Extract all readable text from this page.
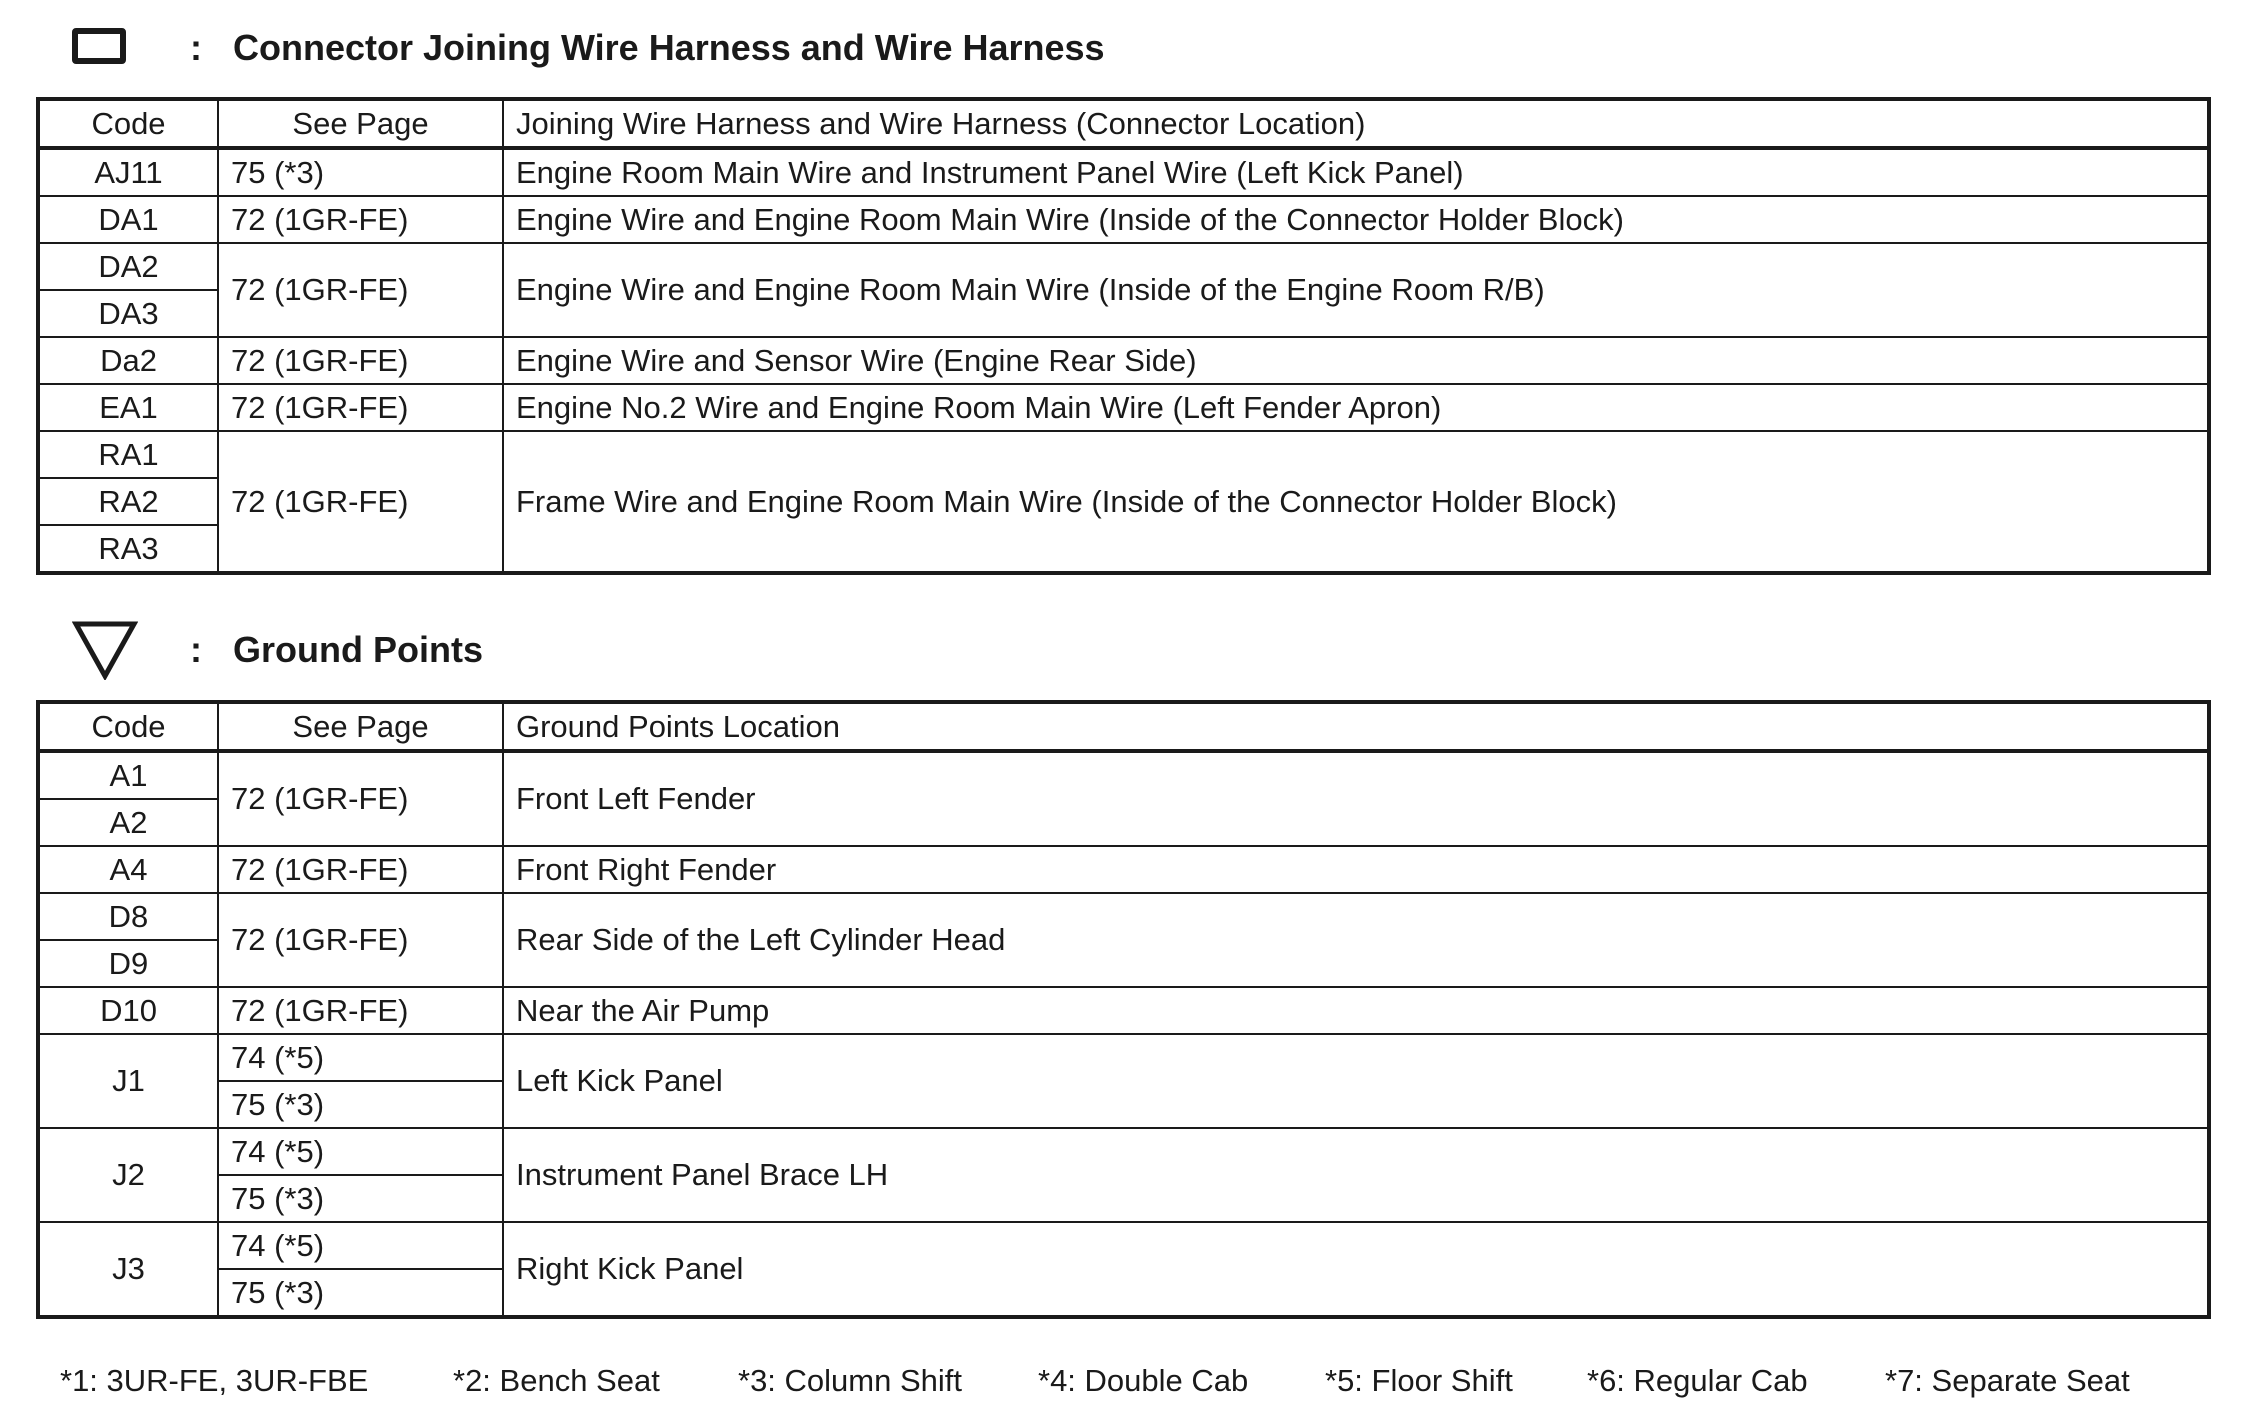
: Connector Joining Wire Harness and Wire Harness
Code	See Page	Joining Wire Harness and Wire Harness (Connector Location)
AJ11	75 (*3)	Engine Room Main Wire and Instrument Panel Wire (Left Kick Panel)
DA1	72 (1GR-FE)	Engine Wire and Engine Room Main Wire (Inside of the Connector Holder Block)
DA2	72 (1GR-FE)	Engine Wire and Engine Room Main Wire (Inside of the Engine Room R/B)
DA3		
Da2	72 (1GR-FE)	Engine Wire and Sensor Wire (Engine Rear Side)
EA1	72 (1GR-FE)	Engine No.2 Wire and Engine Room Main Wire (Left Fender Apron)
RA1	72 (1GR-FE)	Frame Wire and Engine Room Main Wire (Inside of the Connector Holder Block)
RA2		
RA3		
: Ground Points
Code	See Page	Ground Points Location
A1	72 (1GR-FE)	Front Left Fender
A2		
A4	72 (1GR-FE)	Front Right Fender
D8	72 (1GR-FE)	Rear Side of the Left Cylinder Head
D9		
D10	72 (1GR-FE)	Near the Air Pump
J1	74 (*5)	Left Kick Panel
	75 (*3)	
J2	74 (*5)	Instrument Panel Brace LH
	75 (*3)	
J3	74 (*5)	Right Kick Panel
	75 (*3)	
*1: 3UR-FE, 3UR-FBE	*2: Bench Seat	*3: Column Shift *4: Double Cab *5: Floor Shift *6: Regular Cab *7: Separate Seat
